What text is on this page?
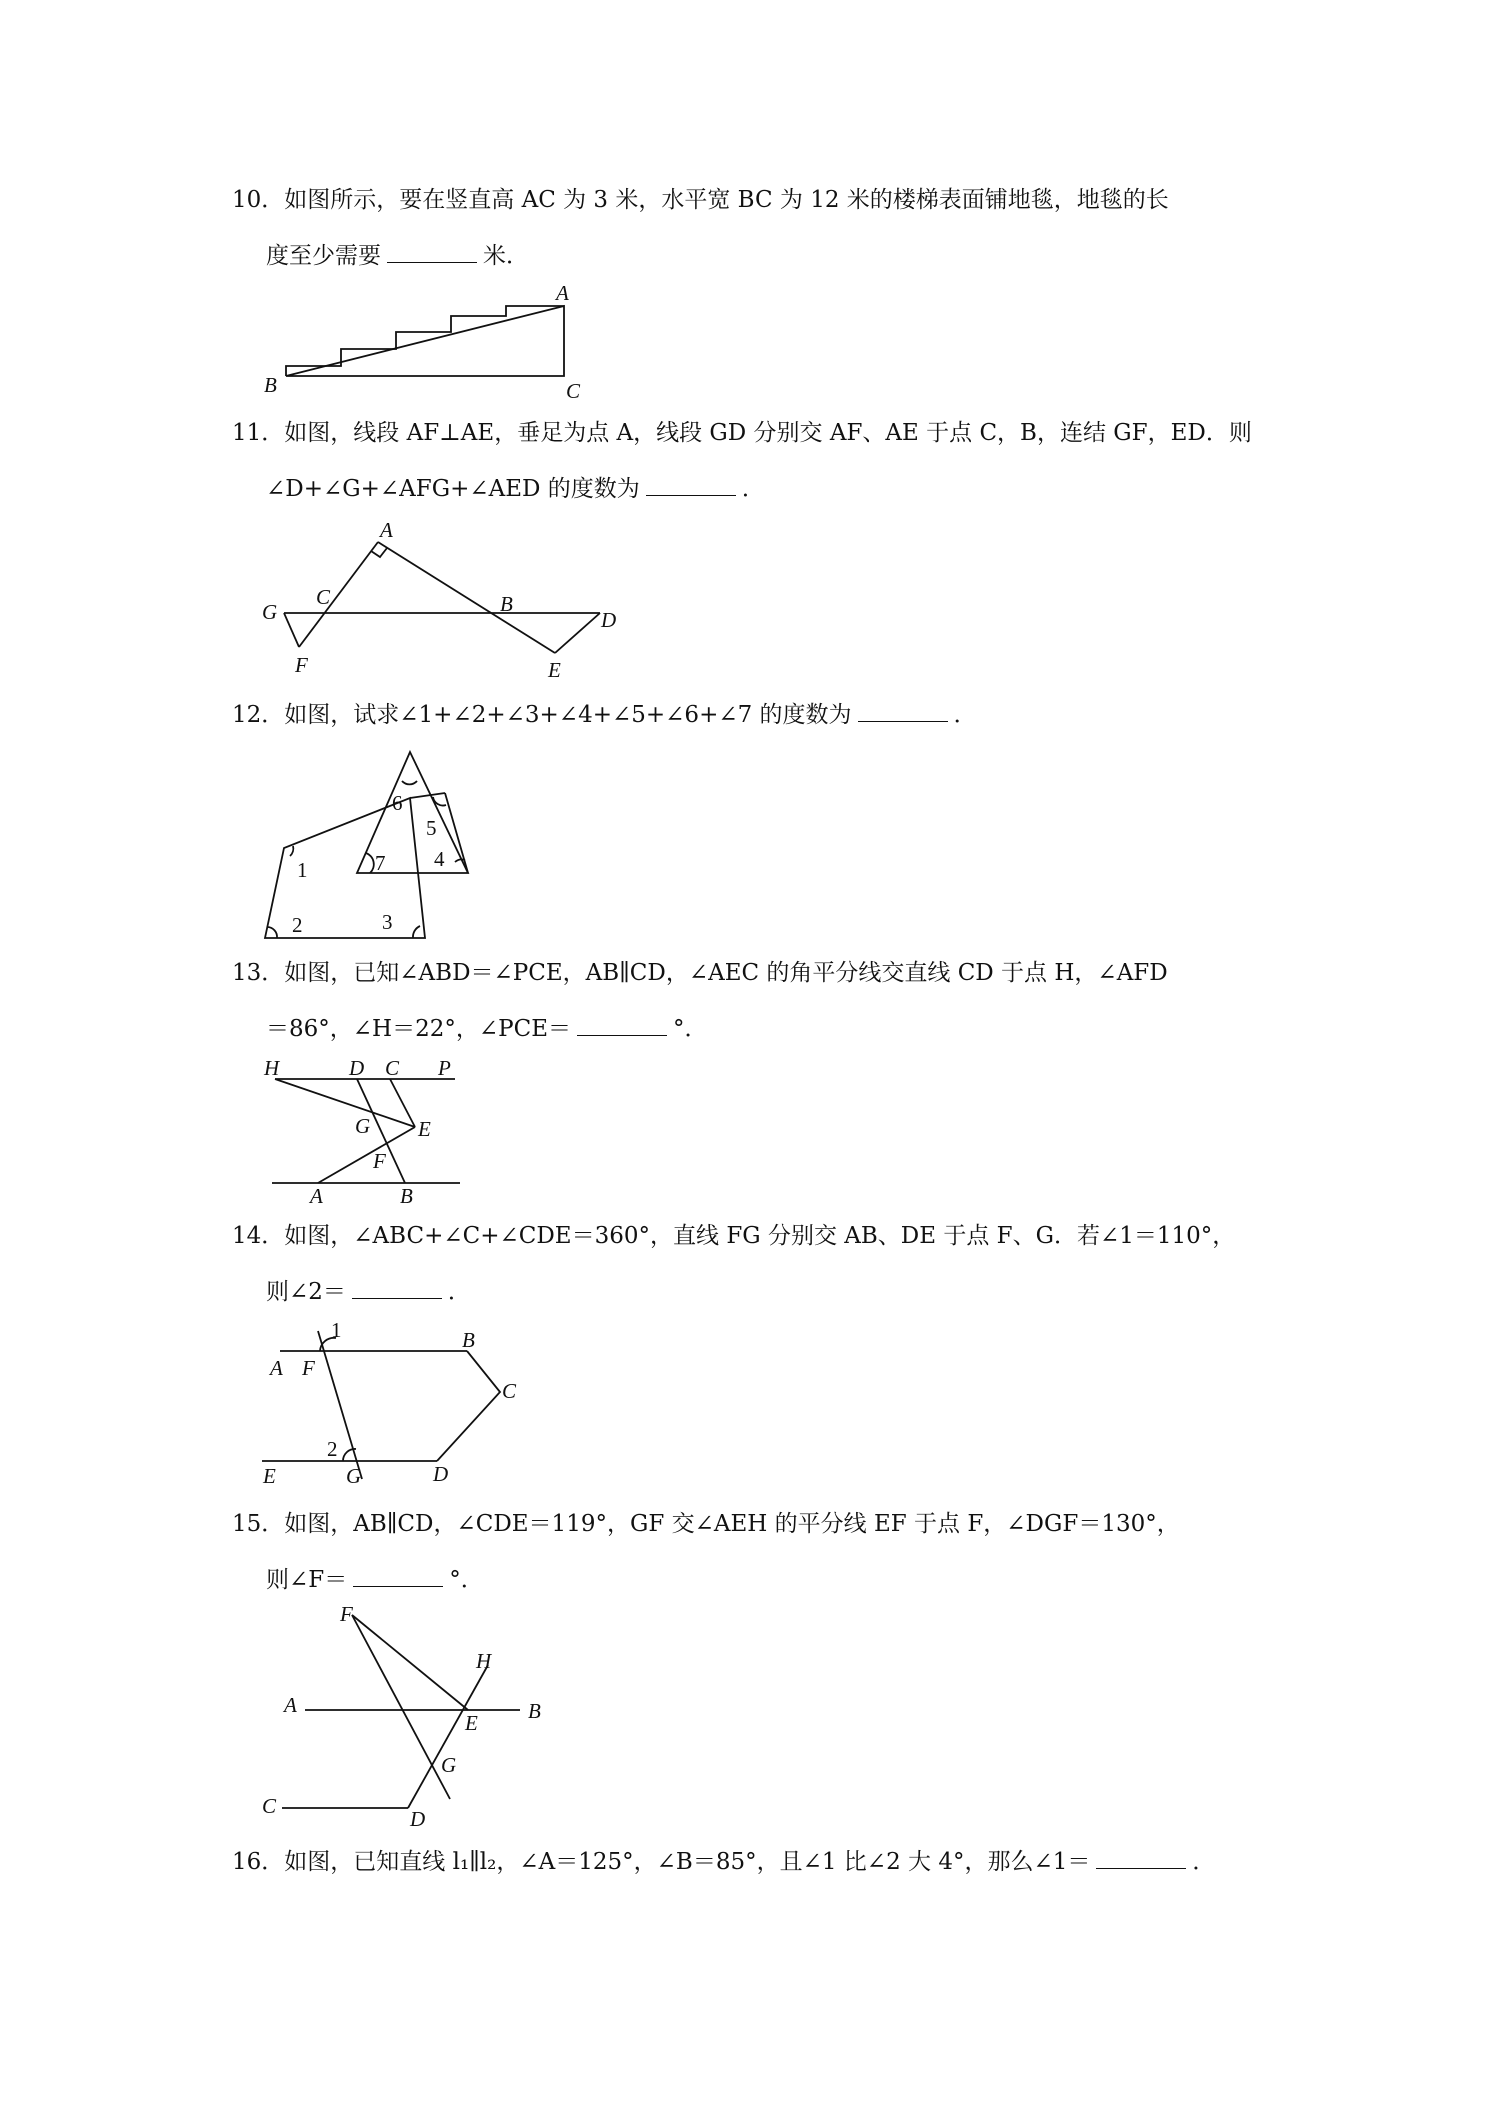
10．如图所示，要在竖直高 AC 为 3 米，水平宽 BC 为 12 米的楼梯表面铺地毯，地毯的长
度至少需要	米．
A
B	C
11．如图，线段 AF⊥AE，垂足为点 A，线段 GD 分别交 AF、AE 于点 C，B，连结 GF，ED．则
∠D+∠G+∠AFG+∠AED 的度数为	．
A
G
C	B
D
F	E
12．如图，试求∠1+∠2+∠3+∠4+∠5+∠6+∠7 的度数为	．
6
5
1	7 4
2	3
13．如图，已知∠ABD＝∠PCE，AB∥CD，∠AEC 的角平分线交直线 CD 于点 H，∠AFD
＝86°，∠H＝22°，∠PCE＝	°．
H	D C P
G E
F
A	B
14．如图，∠ABC+∠C+∠CDE＝360°，直线 FG 分别交 AB、DE 于点 F、G．若∠1＝110°，
则∠2＝	．
1	B
A F
C
2
E	G	D
15．如图，AB∥CD，∠CDE＝119°，GF 交∠AEH 的平分线 EF 于点 F，∠DGF＝130°，
则∠F＝	°．
F
H
A
E B
G
C
D
16．如图，已知直线 l₁∥l₂，∠A＝125°，∠B＝85°，且∠1 比∠2 大 4°，那么∠1＝	．
